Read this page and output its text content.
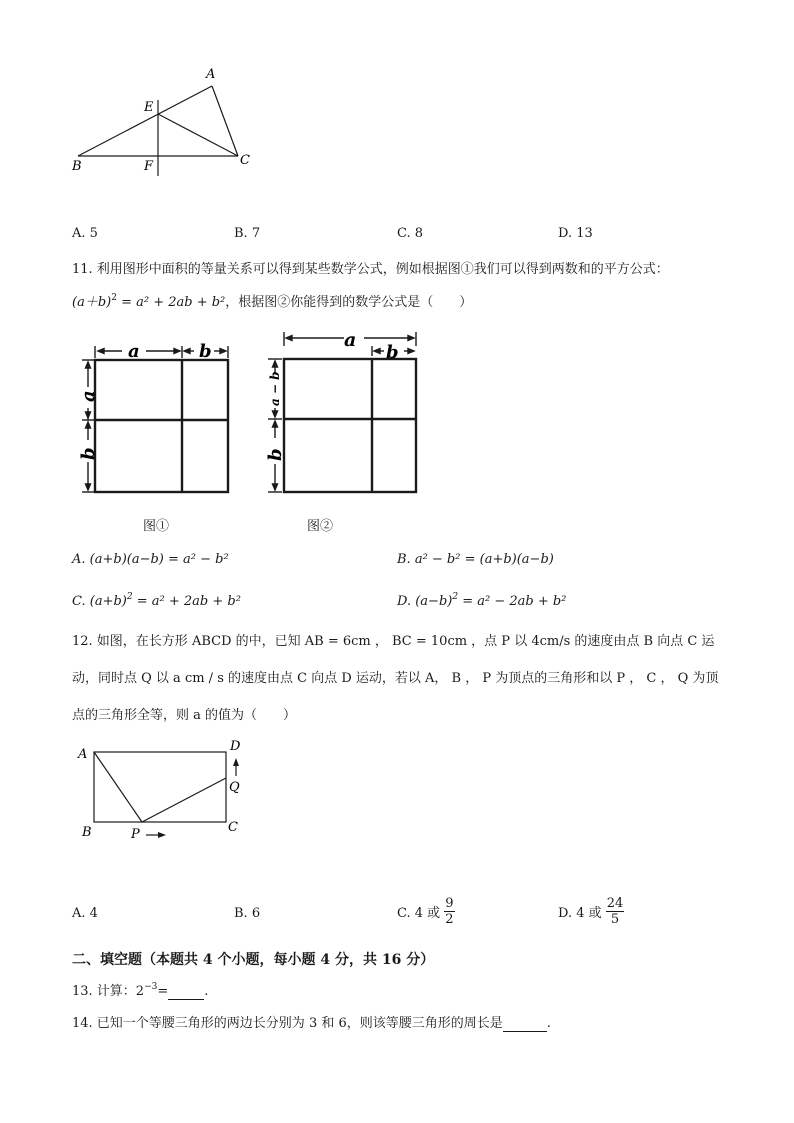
A
E
B	F	C
A. 5	B. 7	C. 8	D. 13
11. 利用图形中面积的等量关系可以得到某些数学公式，例如根据图①我们可以得到两数和的平方公式：
$(a+b)^2 = a^2 + 2ab + b^2$，根据图②你能得到的数学公式是（　　）
a	b
a
b
a
b
a − b
b
图①	图②
A. (a+b)(a−b) = a² − b²	B. a² − b² = (a+b)(a−b)
C. $(a+b)^2 = a^2 + 2ab + b^2$	D. $(a-b)^2 = a^2 - 2ab + b^2$
12. 如图，在长方形 ABCD 的中，已知 AB = 6cm ， BC = 10cm ，点 P 以 4cm/s 的速度由点 B 向点 C 运
动，同时点 Q 以 a cm / s 的速度由点 C 向点 D 运动，若以 A， B ， P 为顶点的三角形和以 P ， C ， Q 为顶
点的三角形全等，则 a 的值为（　　）
A
D
Q
B	P	C
A. 4	B. 6	C. 4 或 $\frac{9}{2}$	D. 4 或 $\frac{24}{5}$
二、填空题（本题共 4 个小题，每小题 4 分，共 16 分）
13. 计算：$2^{-3}=$	.
14. 已知一个等腰三角形的两边长分别为 3 和 6，则该等腰三角形的周长是	.
